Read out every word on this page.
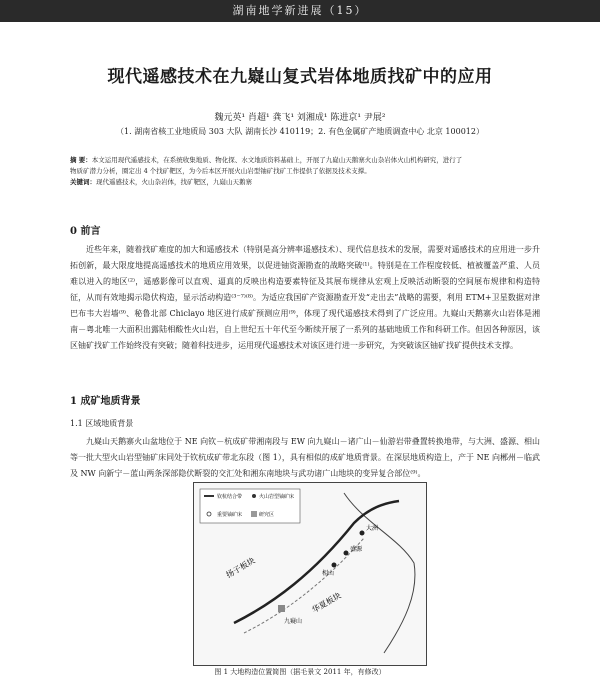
湖南地学新进展（15）
现代遥感技术在九嶷山复式岩体地质找矿中的应用
魏元英¹ 肖超¹ 龚飞¹ 刘湘成¹ 陈进京¹ 尹展²
（1. 湖南省核工业地质局 303 大队 湖南长沙 410119；2. 有色金属矿产地质调查中心 北京 100012）
摘 要：本文运用现代遥感技术，在系统收集地质、物化探、水文地质资料基础上，开展了九嶷山天鹅寨火山杂岩体火山机构研究，进行了
物质矿潜力分析，圈定出 4 个找矿靶区，为今后本区开展火山岩型铀矿找矿工作提供了依据及技术支撑。
关键词：现代遥感技术，火山杂岩体，找矿靶区，九嶷山天鹅寨
0 前言
近些年来，随着找矿难度的加大和遥感技术（特别是高分辨率遥感技术）、现代信息技术的发展，需要对遥感技术的应用进一步升拓创新，最大限度地提高遥感技术的地质应用效果，以促进铀资源勘查的战略突破⁽¹⁾。特别是在工作程度较低、植被覆盖严重、人员难以进入的地区⁽²⁾，遥感影像可以直观、逼真的反映出构造要素特征及其展布规律从宏观上反映活动断裂的空间展布规律和构造特征，从而有效地揭示隐伏构造，显示活动构造⁽³⁻⁷⁾⁽⁸⁾。为适应我国矿产资源勘查开发“走出去”战略的需要，利用 ETM+卫星数据对津巴布韦大岩墙⁽⁹⁾、秘鲁北部 Chiclayo 地区进行成矿预测应用⁽⁹⁾，体现了现代遥感技术得到了广泛应用。九嶷山天鹅寨火山岩体是湘南－粤北唯一大面积出露陆相酸性火山岩，自上世纪五十年代至今断续开展了一系列的基础地质工作和科研工作。但因各种原因，该区铀矿找矿工作始终没有突破；随着科技进步，运用现代遥感技术对该区进行进一步研究，为突破该区铀矿找矿提供技术支撑。
1 成矿地质背景
1.1 区域地质背景
九嶷山天鹅寨火山盆地位于 NE 向钦－杭成矿带湘南段与 EW 向九嶷山－诸广山－仙游岩带叠置转换地带，与大洲、盛源、相山等一批大型火山岩型铀矿床同处于钦杭成矿带北东段（图 1），具有相似的成矿地质背景。在深层地质构造上，产于 NE 向郴州－临武及 NW 向新宁－蓝山两条深部隐伏断裂的交汇处和湘东南地块与武功诸广山地块的变异复合部位⁽⁹⁾。
钦杭结合带	火山岩型铀矿床
重要铀矿床	研究区
扬子板块
华夏板块
大洲
相山
盛源
九嶷山
图 1 大地构造位置简图（据毛景文 2011 年，有修改）
